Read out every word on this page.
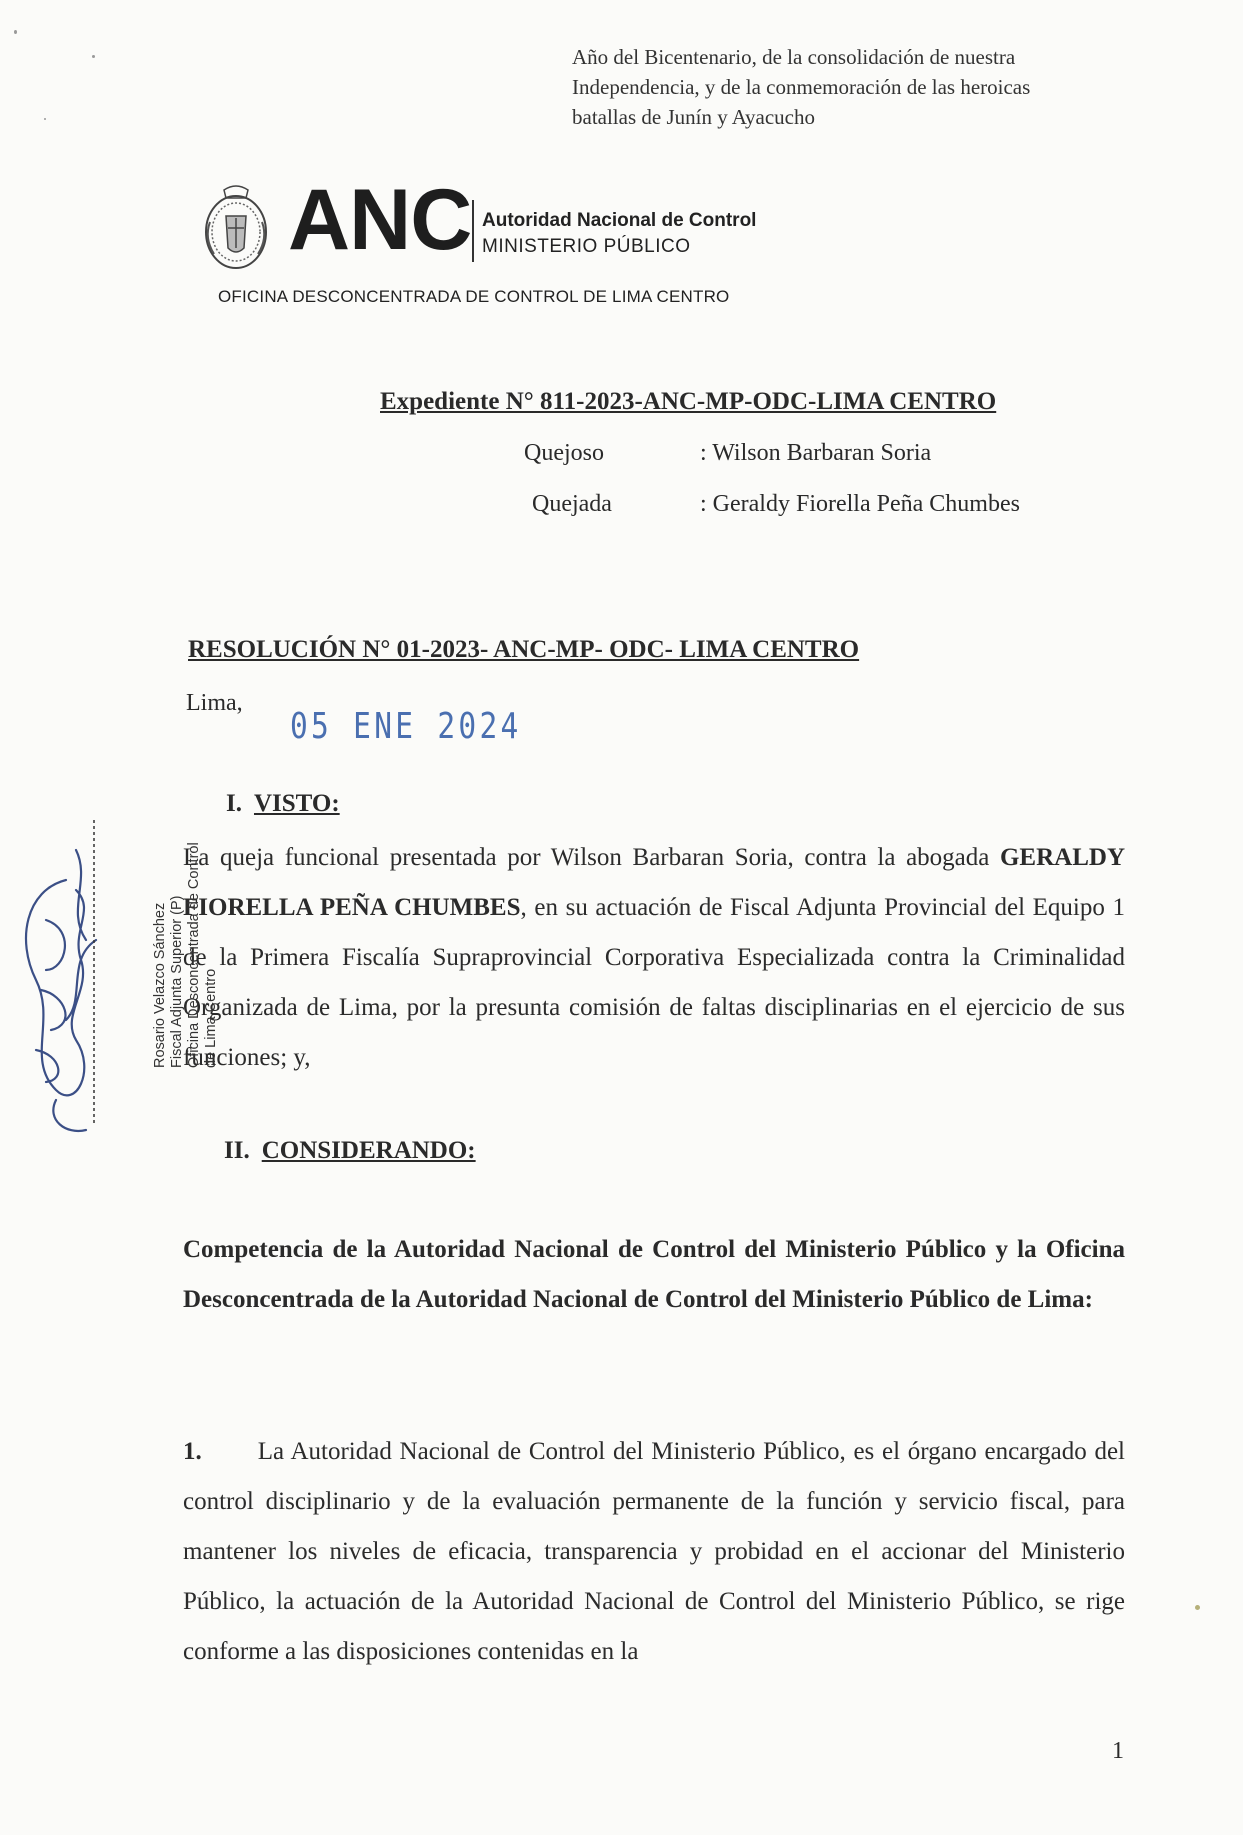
Año del Bicentenario, de la consolidación de nuestra
Independencia, y de la conmemoración de las heroicas
batallas de Junín y Ayacucho
ANC Autoridad Nacional de Control
MINISTERIO PÚBLICO
OFICINA DESCONCENTRADA DE CONTROL DE LIMA CENTRO
Expediente N° 811-2023-ANC-MP-ODC-LIMA CENTRO
Quejoso	: Wilson Barbaran Soria
Quejada	: Geraldy Fiorella Peña Chumbes
RESOLUCIÓN N° 01-2023- ANC-MP- ODC- LIMA CENTRO
Lima,
05 ENE 2024
I. VISTO:
La queja funcional presentada por Wilson Barbaran Soria, contra la abogada GERALDY FIORELLA PEÑA CHUMBES, en su actuación de Fiscal Adjunta Provincial del Equipo 1 de la Primera Fiscalía Supraprovincial Corporativa Especializada contra la Criminalidad Organizada de Lima, por la presunta comisión de faltas disciplinarias en el ejercicio de sus funciones; y,
II. CONSIDERANDO:
Competencia de la Autoridad Nacional de Control del Ministerio Público y la Oficina Desconcentrada de la Autoridad Nacional de Control del Ministerio Público de Lima:
1. La Autoridad Nacional de Control del Ministerio Público, es el órgano encargado del control disciplinario y de la evaluación permanente de la función y servicio fiscal, para mantener los niveles de eficacia, transparencia y probidad en el accionar del Ministerio Público, la actuación de la Autoridad Nacional de Control del Ministerio Público, se rige conforme a las disposiciones contenidas en la
1
Rosario Velazco Sánchez Fiscal Adjunta Superior (P) Oficina Desconcentrada de Control de Lima Centro
